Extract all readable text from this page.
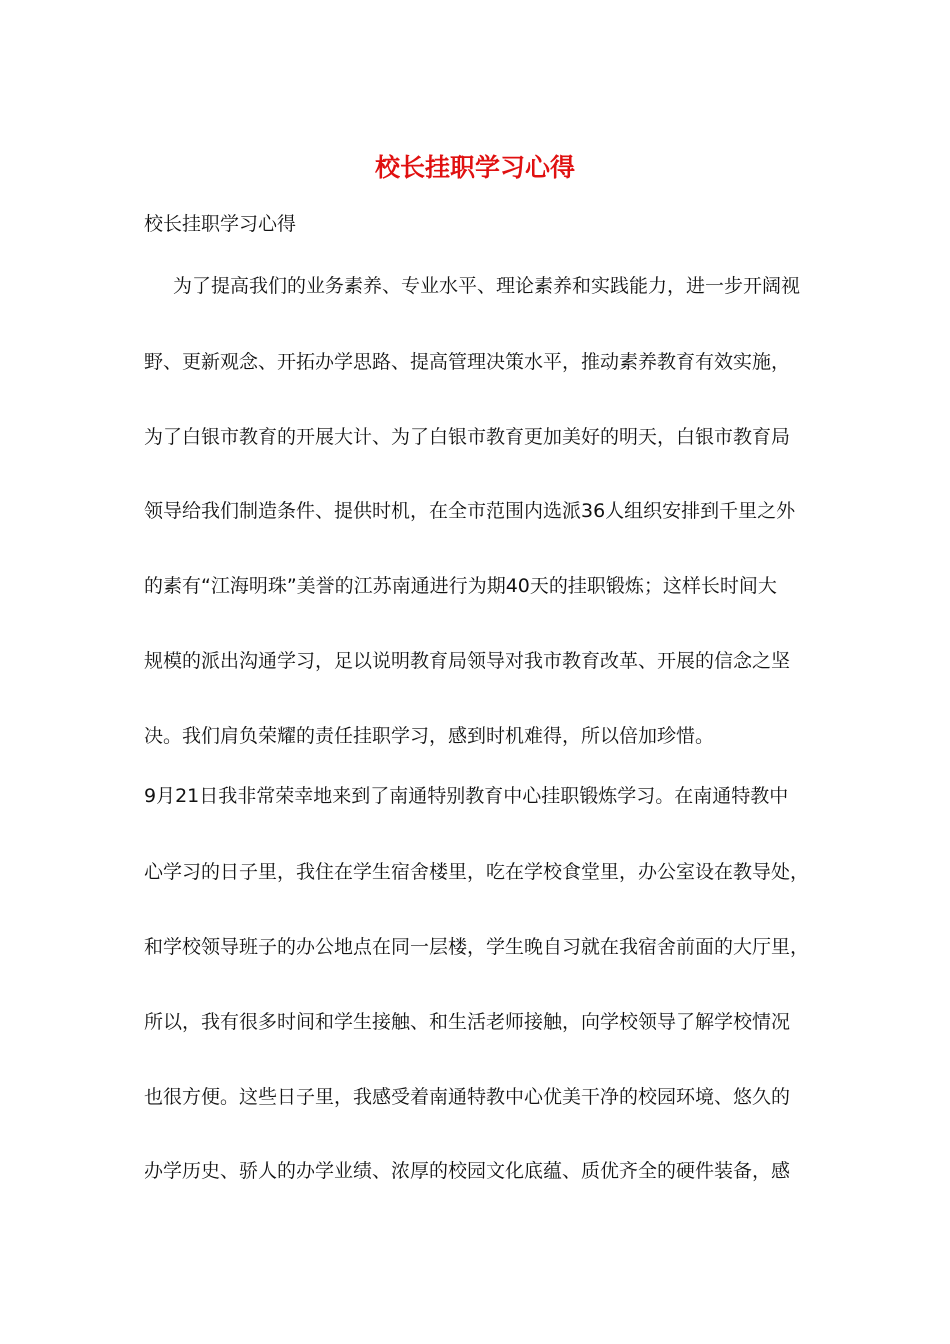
校长挂职学习心得

校长挂职学习心得

为了提高我们的业务素养、专业水平、理论素养和实践能力，进一步开阔视

野、更新观念、开拓办学思路、提高管理决策水平，推动素养教育有效实施，

为了白银市教育的开展大计、为了白银市教育更加美好的明天，白银市教育局

领导给我们制造条件、提供时机，在全市范围内选派36人组织安排到千里之外

的素有“江海明珠”美誉的江苏南通进行为期40天的挂职锻炼；这样长时间大

规模的派出沟通学习，足以说明教育局领导对我市教育改革、开展的信念之坚

决。我们肩负荣耀的责任挂职学习，感到时机难得，所以倍加珍惜。

9月21日我非常荣幸地来到了南通特别教育中心挂职锻炼学习。在南通特教中

心学习的日子里，我住在学生宿舍楼里，吃在学校食堂里，办公室设在教导处，

和学校领导班子的办公地点在同一层楼，学生晚自习就在我宿舍前面的大厅里，

所以，我有很多时间和学生接触、和生活老师接触，向学校领导了解学校情况

也很方便。这些日子里，我感受着南通特教中心优美干净的校园环境、悠久的

办学历史、骄人的办学业绩、浓厚的校园文化底蕴、质优齐全的硬件装备，感
